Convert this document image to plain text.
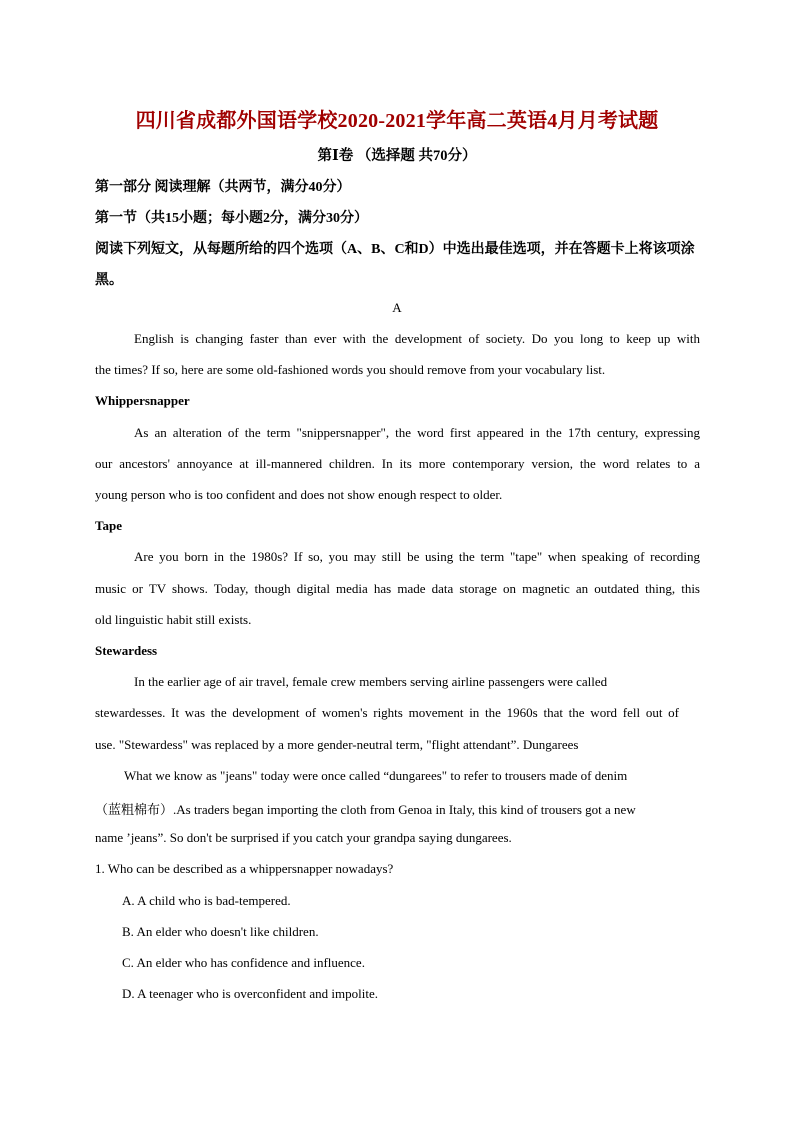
四川省成都外国语学校2020-2021学年高二英语4月月考试题
第Ⅰ卷 （选择题 共70分）
第一部分 阅读理解（共两节，满分40分）
第一节（共15小题；每小题2分，满分30分）
阅读下列短文，从每题所给的四个选项（A、B、C和D）中选出最佳选项，并在答题卡上将该项涂
黑。
A
English is changing faster than ever with the development of society. Do you long to keep up with
the times? If so, here are some old-fashioned words you should remove from your vocabulary list.
Whippersnapper
As an alteration of the term "snippersnapper", the word first appeared in the 17th century, expressing
our ancestors' annoyance at ill-mannered children. In its more contemporary version, the word relates to a
young person who is too confident and does not show enough respect to older.
Tape
Are you born in the 1980s? If so, you may still be using the term "tape" when speaking of recording
music or TV shows. Today, though digital media has made data storage on magnetic an outdated thing, this
old linguistic habit still exists.
Stewardess
In the earlier age of air travel, female crew members serving airline passengers were called
stewardesses. It was the development of women's rights movement in the 1960s that the word fell out of
use. "Stewardess" was replaced by a more gender-neutral term, "flight attendant”. Dungarees
What we know as "jeans" today were once called “dungarees" to refer to trousers made of denim
（蓝粗棉布）.As traders began importing the cloth from Genoa in Italy, this kind of trousers got a new
name ’jeans”. So don't be surprised if you catch your grandpa saying dungarees.
1. Who can be described as a whippersnapper nowadays?
A. A child who is bad-tempered.
B. An elder who doesn't like children.
C. An elder who has confidence and influence.
D. A teenager who is overconfident and impolite.
